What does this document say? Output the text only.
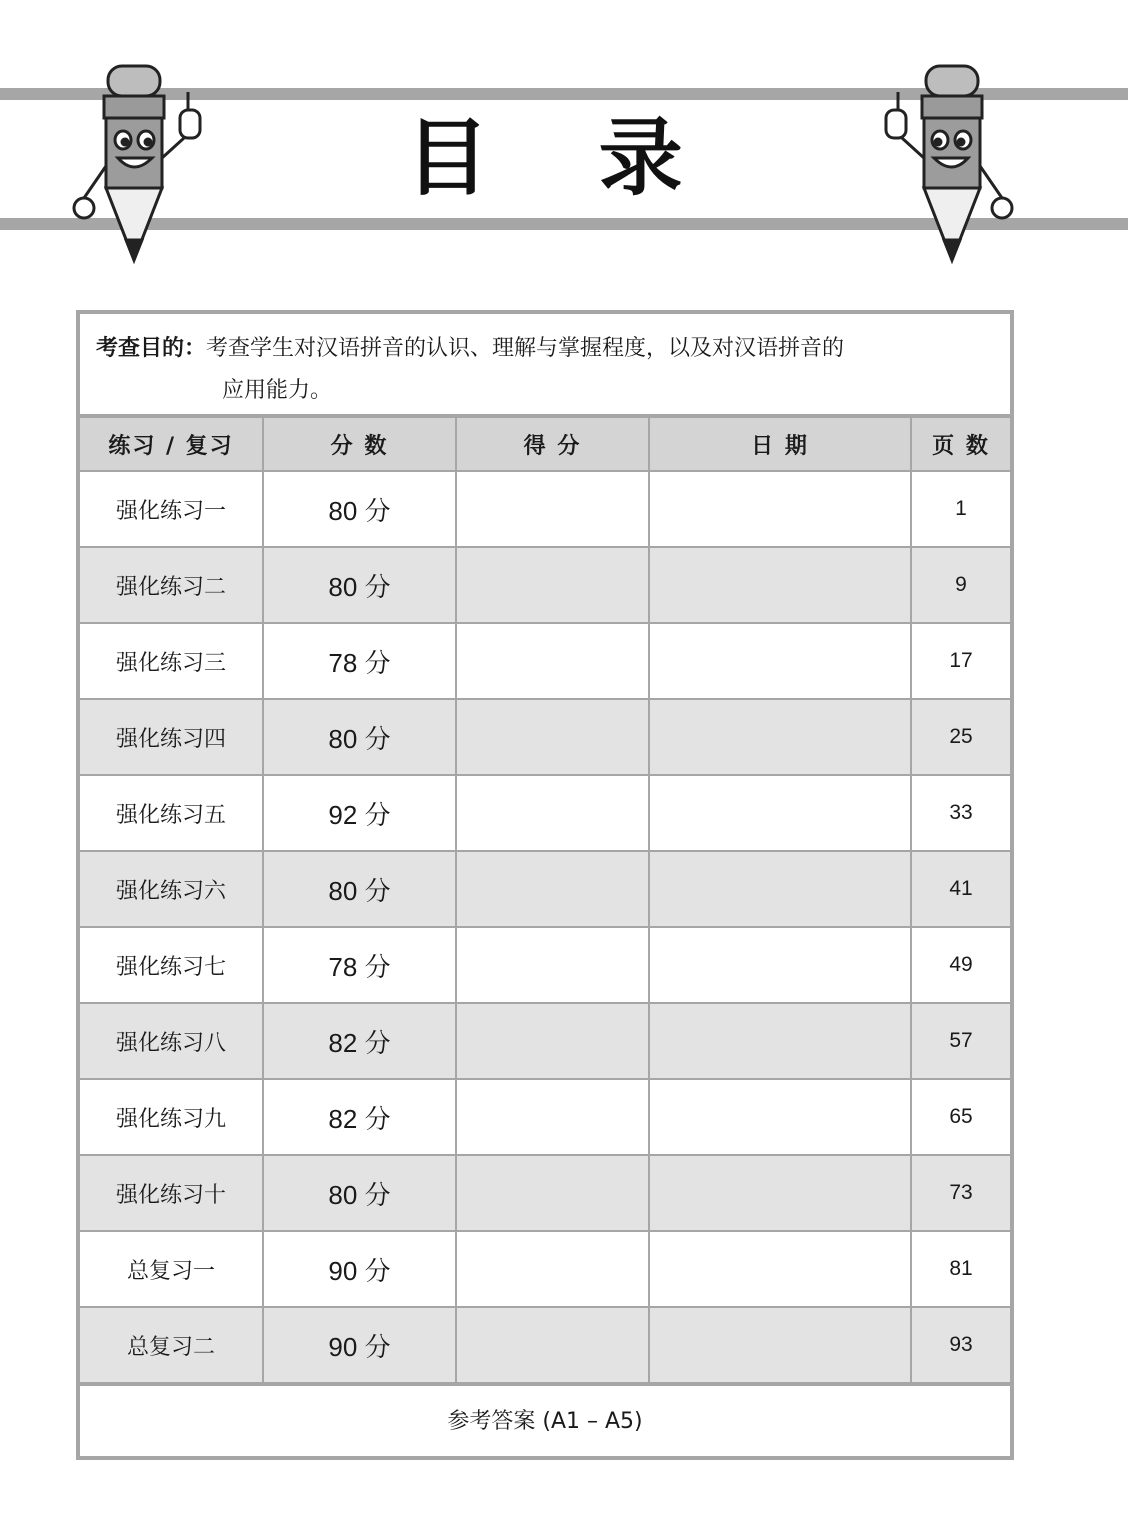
目 录
考查目的：考查学生对汉语拼音的认识、理解与掌握程度，以及对汉语拼音的
应用能力。
练习 / 复习	分 数	得 分	日 期	页 数
强化练习一	80 分			1
强化练习二	80 分			9
强化练习三	78 分			17
强化练习四	80 分			25
强化练习五	92 分			33
强化练习六	80 分			41
强化练习七	78 分			49
强化练习八	82 分			57
强化练习九	82 分			65
强化练习十	80 分			73
总复习一	90 分			81
总复习二	90 分			93
参考答案 (A1 – A5)
